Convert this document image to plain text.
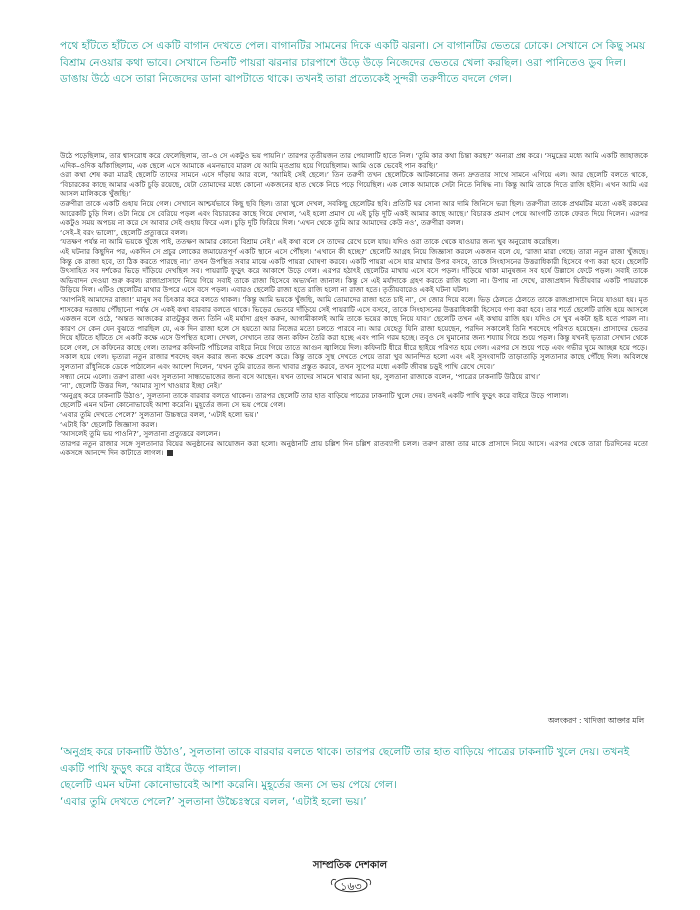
পথে হাঁটতে হাঁটতে সে একটি বাগান দেখতে পেল। বাগানটির সামনের দিকে একটি ঝরনা। সে বাগানটির ভেতরে ঢোকে। সেখানে সে কিছু সময় বিশ্রাম নেওয়ার কথা ভাবে। সেখানে তিনটি পায়রা ঝরনার চারপাশে উড়ে উড়ে নিজেদের ভেতরে খেলা করছিল। ওরা পানিতেও ডুব দিল। ডাঙায় উঠে এসে তারা নিজেদের ডানা ঝাপটাতে থাকে। তখনই তারা প্রত্যেকেই সুন্দরী তরুণীতে বদলে গেল।

উঠে পড়েছিলাম, তার শ্বাসরোধ করে ফেলেছিলাম, তা–ও সে একটুও ভয় পায়নি।’ তারপর তৃতীয়জন তার পেয়ালাটি হাতে নিল। ‘তুমি কার কথা চিন্তা করছ?’ অন্যরা প্রশ্ন করে। ‘সমুদ্রের মধ্যে আমি একটি জাহাজকে এদিক–ওদিক ঝাঁকাচ্ছিলাম, এক ছেলে এসে আমাকে এমনভাবে মারল যে আমি মৃতপ্রায় হয়ে গিয়েছিলাম। আমি ওকে ভেবেই পান করছি।’

ওরা কথা শেষ করা মাত্রই ছেলেটি তাদের সামনে এসে দাঁড়ায় আর বলে, ‘আমিই সেই ছেলে।’ তিন তরুণী তখন ছেলেটিকে আটকানোর জন্য দ্রুততার সাথে সামনে এগিয়ে এল। আর ছেলেটি বলতে থাকে, ‘বিচারকের কাছে আমার একটি চুড়ি রয়েছে, যেটা তোমাদের মধ্যে কোনো একজনের হাত থেকে নিচে পড়ে গিয়েছিল। এক লোক আমাকে সেটা নিতে নিষিদ্ধ না। কিন্তু আমি তাকে দিতে রাজি হইনি। এখন আমি এর আসল মালিককে খুঁজছি।’

তরুণীরা তাকে একটি গুহায় নিয়ে গেল। সেখানে আশ্চর্যভাবে কিছু ছবি ছিল। তারা খুলে দেখল, সবকিছু ছেলেটির ছবি। প্রতিটি ঘর সোনা আর দামি জিনিসে ভরা ছিল। তরুণীরা তাকে প্রথমটির মতো একই রকমের আরেকটি চুড়ি দিল। ওটা নিয়ে সে বেরিয়ে পড়ল এবং বিচারকের কাছে গিয়ে দেখাল, ‘এই হলো প্রমাণ যে এই চুড়ি দুটি একই আমার কাছে আছে।’ বিচারক প্রমাণ পেয়ে আংগটি তাকে ফেরত দিয়ে দিলেন। এরপর একটুও সময় অপচয় না করে সে আবার সেই গুহায় ফিরে এল। চুড়ি দুটি ফিরিয়ে দিল। ‘এখন থেকে তুমি আর আমাদের কেউ নও’, তরুণীরা বলল।

‘সেই–ই বরং ভালো’, ছেলেটি প্রত্যুত্তরে বলল।

‘যতক্ষণ পর্যন্ত না আমি ভয়কে খুঁজে পাই, ততক্ষণ আমার কোনো বিশ্রাম নেই।’ এই কথা বলে সে তাদের রেখে চলে যায়। যদিও ওরা তাকে থেকে যাওয়ার জন্য খুব অনুরোধ করেছিল।

এই ঘটনার কিছুদিন পর, একদিন সে প্রচুর লোকের জমায়েতপূর্ণ একটি স্থানে এসে পৌঁছল। ‘এখানে কী হচ্ছে?’ ছেলেটি আগ্রহ নিয়ে জিজ্ঞাসা করলে একজন বলে যে, ‘রাজা মারা গেছে। তারা নতুন রাজা খুঁজছে। কিন্তু কে রাজা হবে, তা ঠিক করতে পারছে না।’ তখন উপস্থিত সবার মাঝে একটি পায়রা ঘোষণা করবে। একটি পায়রা এসে যার মাথার উপর বসবে, তাকে সিংহাসনের উত্তরাধিকারী হিসেবে গণ্য করা হবে। ছেলেটি উৎসাহিত সব দর্শকের ভিড়ে দাঁড়িয়ে দেখছিল সব। পায়রাটি ফুড়ুৎ করে আকাশে উড়ে গেল। এরপর হঠাৎই ছেলেটির মাথায় এসে বসে পড়ল। দাঁড়িয়ে থাকা মানুষজন সব হর্ষে উল্লাসে ফেটে পড়ল। সবাই তাকে অভিবাদন দেওয়া শুরু করল। রাজাপ্রাসাদে নিয়ে গিয়ে সবাই তাকে রাজা হিসেবে অভ্যর্থনা জানাল। কিন্তু সে এই মর্যাদাকে গ্রহণ করতে রাজি হলো না। উপায় না দেখে, রাজ্যপ্রধান দ্বিতীয়বার একটি পায়রাকে উড়িয়ে দিল। এটিও ছেলেটির মাথার উপরে এসে বসে পড়ল। এবারও ছেলেটি রাজা হতে রাজি হলো না রাজা হতে। তৃতীয়বারেও একই ঘটনা ঘটল।

‘আপনিই আমাদের রাজা!’ মানুষ সব চিৎকার করে বলতে থাকল। ‘কিন্তু আমি ভয়কে খুঁজছি, আমি তোমাদের রাজা হতে চাই না’, সে জোর দিয়ে বলে। ভিড় ঠেলতে ঠেলতে তাকে রাজপ্রাসাদে নিয়ে যাওয়া হয়। মৃত শাসকের দরজায় পৌঁছানো পর্যন্ত সে একই কথা বারবার বলতে থাকে। ভিড়ের ভেতরে দাঁড়িয়ে সেই পায়রাটি এসে বসবে, তাকে সিংহাসনের উত্তরাধিকারী হিসেবে গণ্য করা হবে। তার শর্তে ছেলেটি রাজি হয়ে আসলে একজন বলে ওঠে, ‘অন্তত আজকের রাতটুকুর জন্য তিনি এই মর্যাদা গ্রহণ করুন, আগামীকালই আমি তাকে ভয়ের কাছে নিয়ে যাব।’ ছেলেটি তখন এই কথায় রাজি হয়। যদিও সে খুব একটা হৃষ্ট হতে পারল না। কারণ সে কেন যেন বুঝতে পারছিল যে, এক দিন রাজা হলে সে হয়তো আর নিজের মতো চলতে পারবে না। আর যেহেতু যিনি রাজা হয়েছেন, পরদিন সকালেই তিনি শবদেহে পরিণত হয়েছেন। প্রাসাদের ভেতর দিয়ে হাঁটতে হাঁটতে সে একটি কক্ষে এসে উপস্থিত হলো। দেখল, সেখানে তার জন্য কফিন তৈরি করা হচ্ছে এবং পানি গরম হচ্ছে। তবুও সে ঘুমানোর জন্য শয্যায় গিয়ে শুয়ে পড়ল। কিন্তু যখনই ভৃত্যরা সেখান থেকে চলে গেল, সে কফিনের কাছে গেল। তারপর কফিনটি পাঁচিলের বাইরে নিয়ে গিয়ে তাতে আগুন জ্বালিয়ে দিল। কফিনটি ধীরে ধীরে ছাইয়ে পরিণত হয়ে গেল। এরপর সে শুয়ে পড়ে এবং গভীর ঘুমে আচ্ছন্ন হয়ে পড়ে।

সকাল হয়ে গেল। ভৃত্যরা নতুন রাজার শবদেহ বহন করার জন্য কক্ষে প্রবেশ করে। কিন্তু তাকে সুস্থ দেখতে পেয়ে তারা খুব আনন্দিত হলো এবং এই সুসংবাদটি তাড়াতাড়ি সুলতানার কাছে পৌঁছে দিল। অবিলম্বে সুলতানা রাঁধুনিকে ডেকে পাঠালেন এবং আদেশ দিলেন, ‘যখন তুমি রাতের জন্য খাবার প্রস্তুত করবে, তখন স্যুপের মধ্যে একটি জীবন্ত চড়ুই পাখি রেখে দেবে।’

সন্ধ্যা নেমে এলো। তরুণ রাজা এবং সুলতানা সান্ধ্যভোজের জন্য বসে আছেন। যখন তাদের সামনে খাবার আনা হয়, সুলতানা রাজাকে বলেন, ‘পাত্রের ঢাকনাটি উঠিয়ে রাখ।’

‘না’, ছেলেটি উত্তর দিল, ‘আমার স্যুপ খাওয়ার ইচ্ছা নেই।’

‘অনুগ্রহ করে ঢাকনাটি উঠাও’, সুলতানা তাকে বারবার বলতে থাকেন। তারপর ছেলেটি তার হাত বাড়িয়ে পাত্রের ঢাকনাটি খুলে দেয়। তখনই একটি পাখি ফুড়ুৎ করে বাইরে উড়ে পালাল।

ছেলেটি এমন ঘটনা কোনোভাবেই আশা করেনি। মুহূর্তের জন্য সে ভয় পেয়ে গেল।

‘এবার তুমি দেখতে পেলে?’ সুলতানা উচ্চস্বরে বলল, ‘এটাই হলো ভয়।’

‘এটাই কি’ ছেলেটি জিজ্ঞাসা করল।

‘আসলেই তুমি ভয় পাওনি?’, সুলতানা প্রত্যুত্তরে বললেন।

তারপর নতুন রাজার সঙ্গে সুলতানার বিয়ের অনুষ্ঠানের আয়োজন করা হলো। অনুষ্ঠানটি প্রায় চল্লিশ দিন চল্লিশ রাতব্যাপী চলল। তরুণ রাজা তার মাকে প্রাসাদে নিয়ে আসে। এরপর থেকে তারা চিরদিনের মতো একসঙ্গে আনন্দে দিন কাটাতে লাগল।

অলংকরণ : খাদিজা আক্তার মলি

‘অনুগ্রহ করে ঢাকনাটি উঠাও’, সুলতানা তাকে বারবার বলতে থাকে। তারপর ছেলেটি তার হাত বাড়িয়ে পাত্রের ঢাকনাটি খুলে দেয়। তখনই একটি পাখি ফুড়ুৎ করে বাইরে উড়ে পালাল।

ছেলেটি এমন ঘটনা কোনোভাবেই আশা করেনি। মুহূর্তের জন্য সে ভয় পেয়ে গেল।

‘এবার তুমি দেখতে পেলে?’ সুলতানা উচ্চৈঃস্বরে বলল, ‘এটাই হলো ভয়।’

সাম্প্রতিক দেশকাল
১৬৩
